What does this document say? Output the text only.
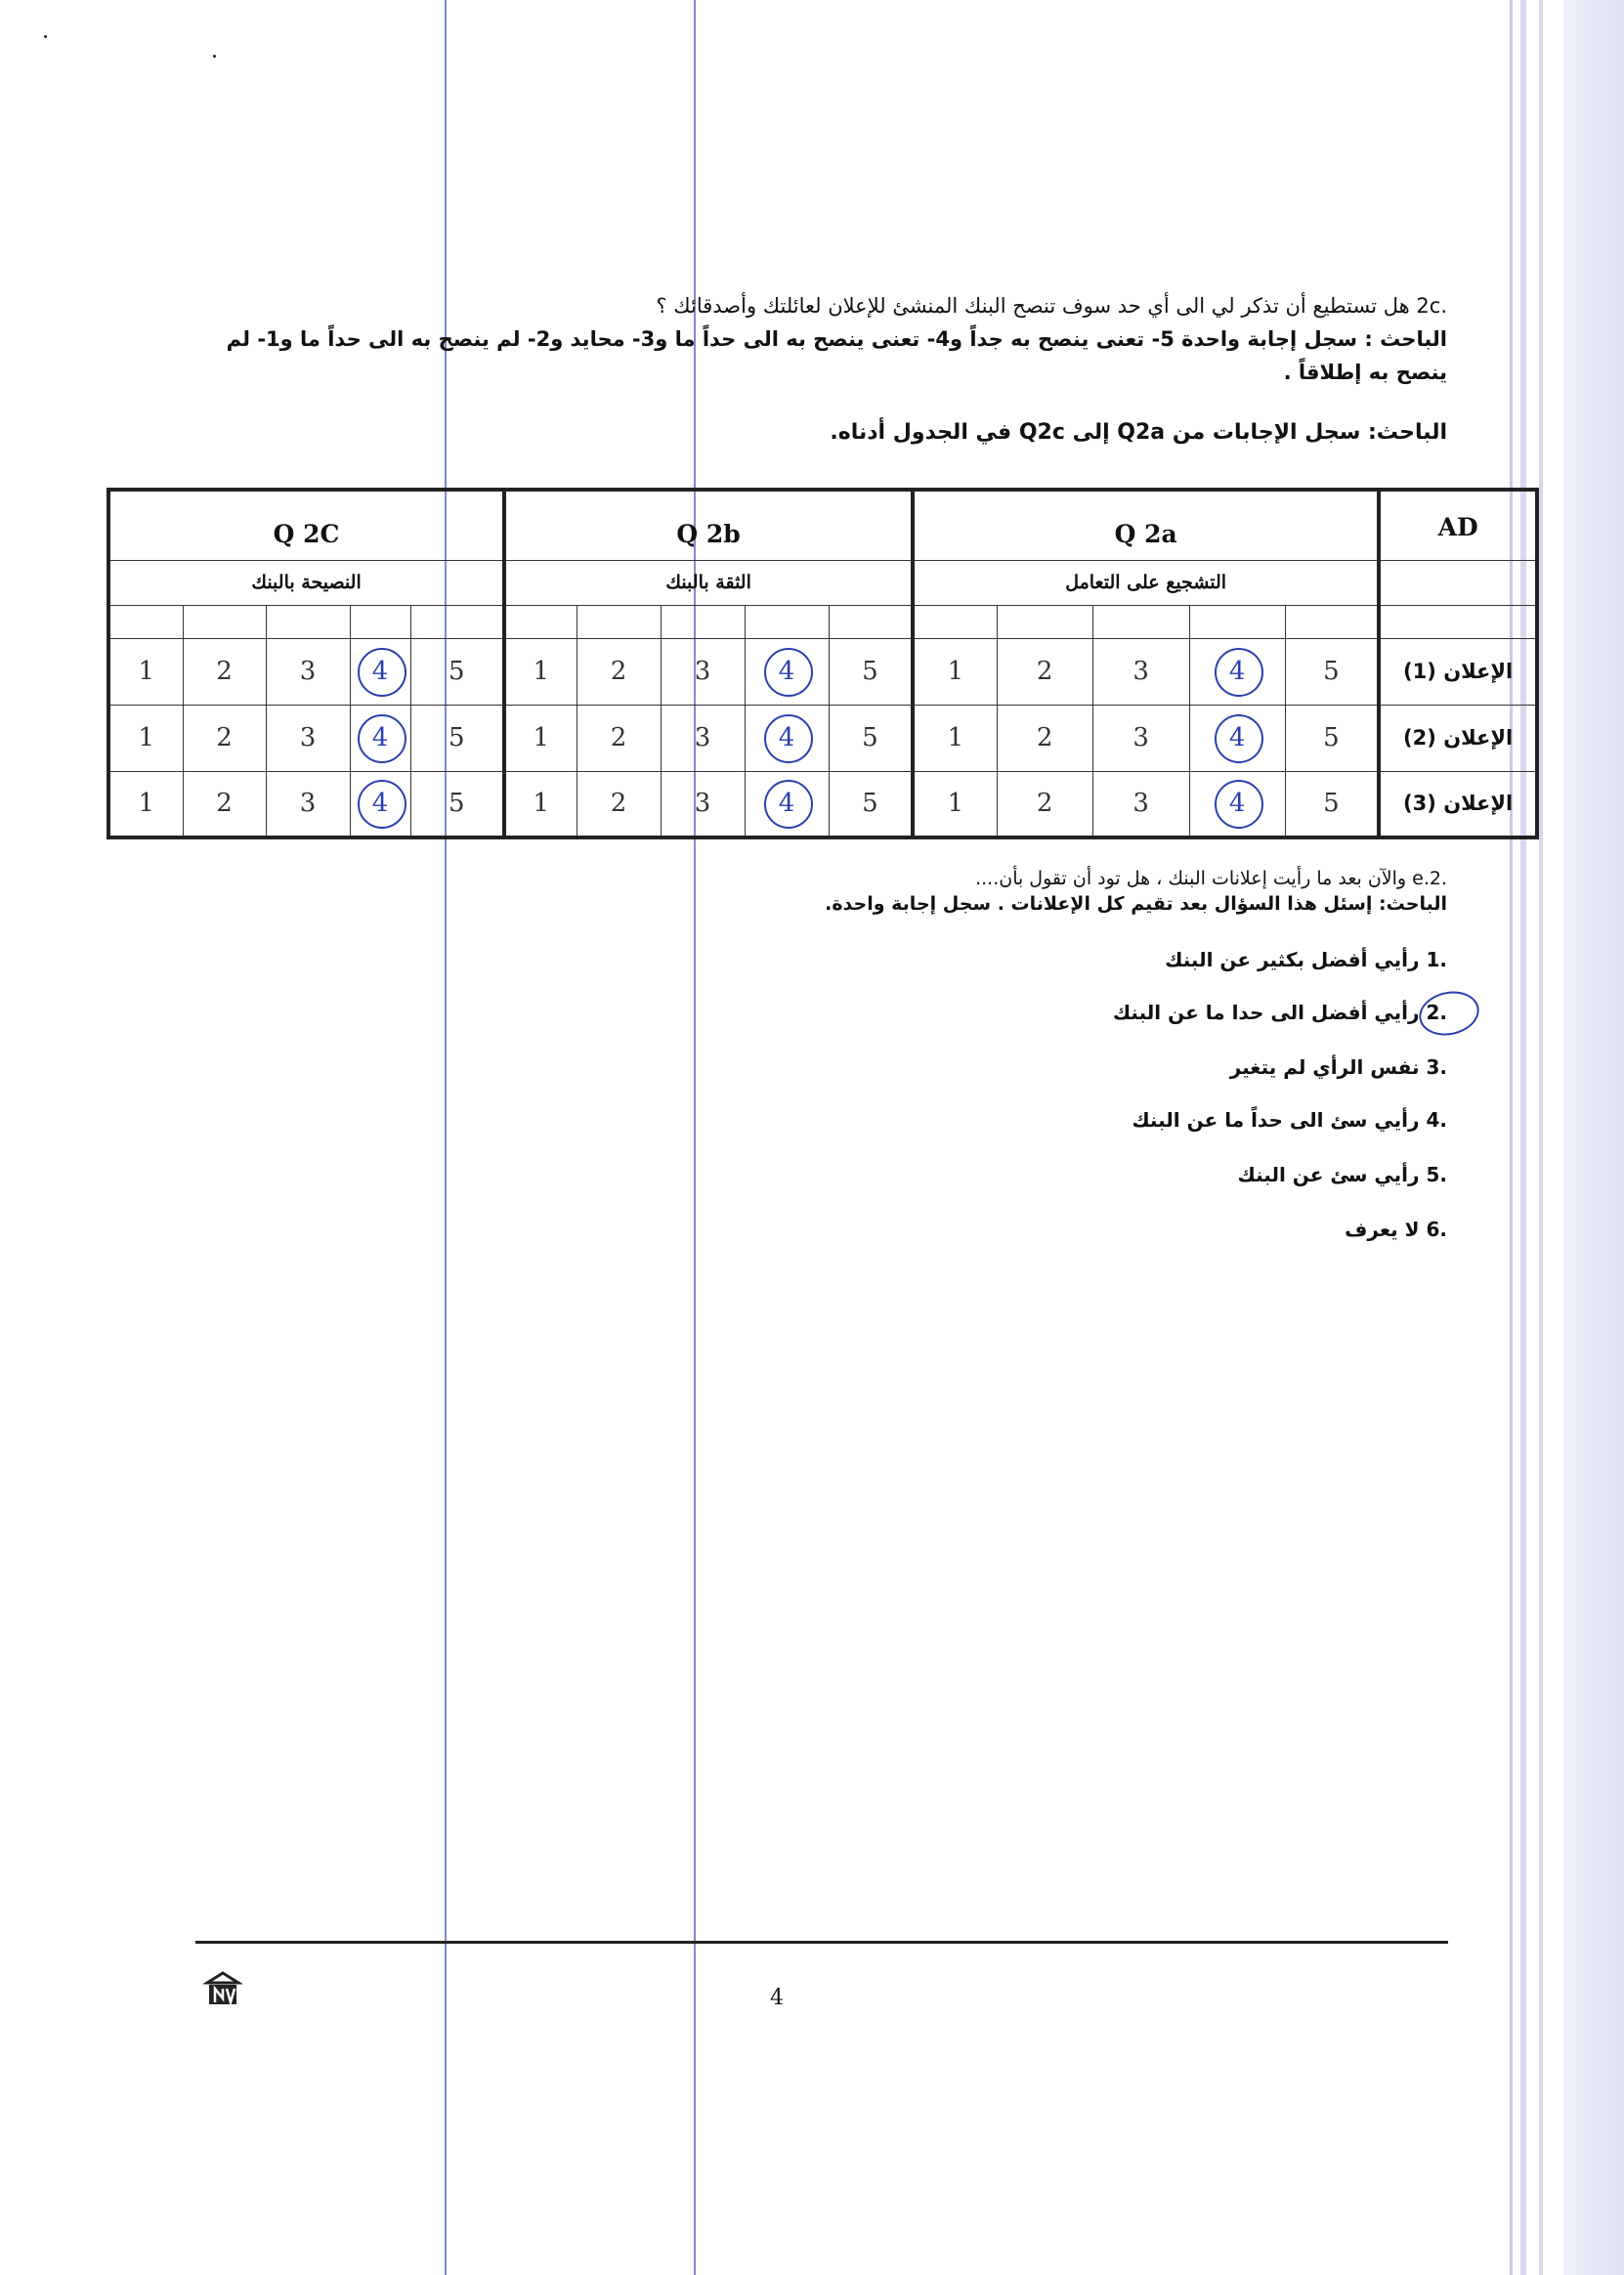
.2c هل تستطيع أن تذكر لي الى أي حد سوف تنصح البنك المنشئ للإعلان لعائلتك وأصدقائك ؟
الباحث : سجل إجابة واحدة 5- تعنى ينصح به جداً و4- تعنى ينصح به الى حداً ما و3- محايد و2- لم ينصح به الى حداً ما و1- لم ينصح به إطلاقاً .
الباحث: سجل الإجابات من Q2a إلى Q2c في الجدول أدناه.
Q 2C					Q 2b					Q 2a					AD
النصيحة بالبنك					الثقة بالبنك					التشجيع على التعامل					

1	2	3	4	5	1	2	3	4	5	1	2	3	4	5	الإعلان (1)
1	2	3	4	5	1	2	3	4	5	1	2	3	4	5	الإعلان (2)
1	2	3	4	5	1	2	3	4	5	1	2	3	4	5	الإعلان (3)
.2.e والآن بعد ما رأيت إعلانات البنك ، هل تود أن تقول بأن....
الباحث: إسئل هذا السؤال بعد تقيم كل الإعلانات . سجل إجابة واحدة.
.1 رأيي أفضل بكثير عن البنك
.2 رأيي أفضل الى حدا ما عن البنك
.3 نفس الرأي لم يتغير
.4 رأيي سئ الى حداً ما عن البنك
.5 رأيي سئ عن البنك
.6 لا يعرف
4
